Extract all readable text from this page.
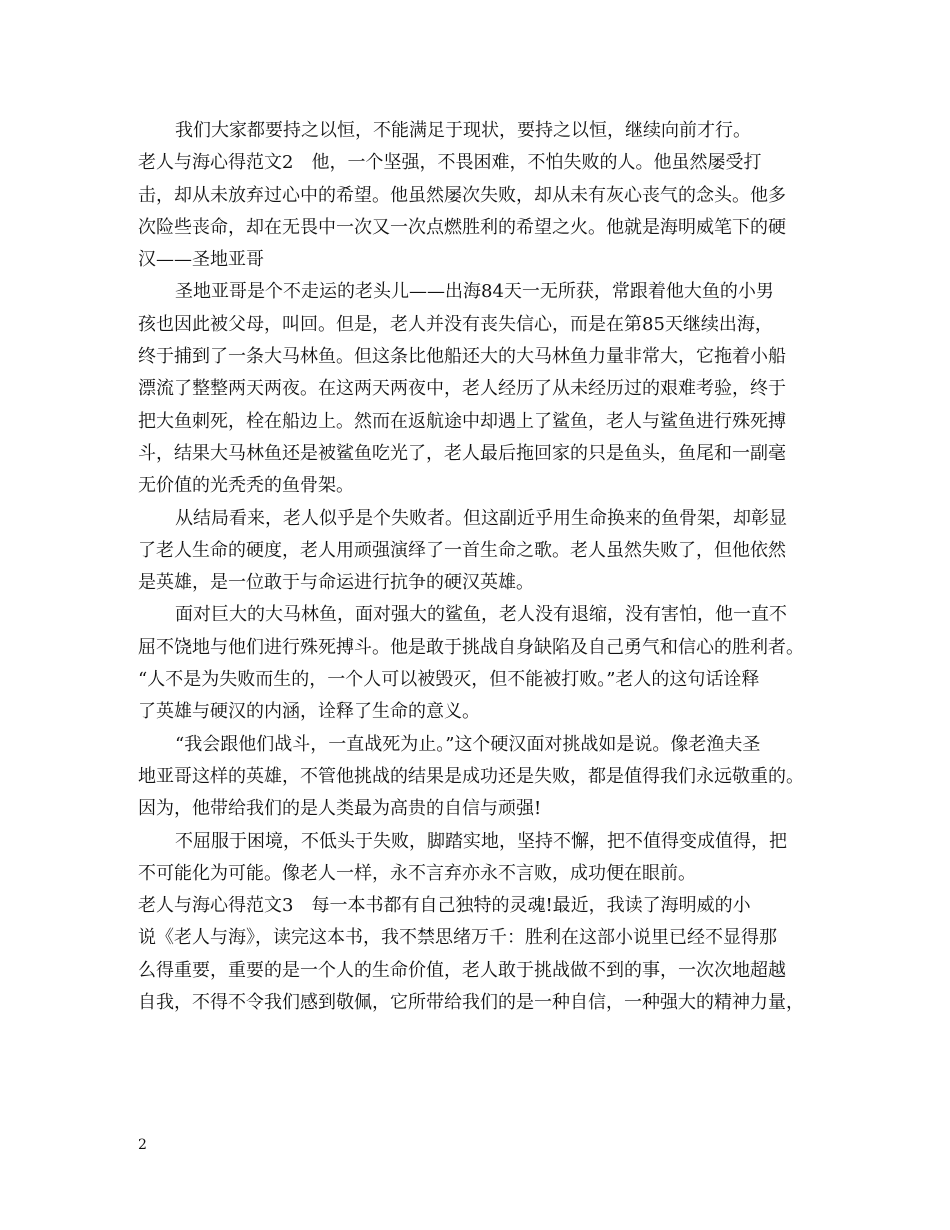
我们大家都要持之以恒，不能满足于现状，要持之以恒，继续向前才行。
老人与海心得范文2 他，一个坚强，不畏困难，不怕失败的人。他虽然屡受打
击，却从未放弃过心中的希望。他虽然屡次失败，却从未有灰心丧气的念头。他多
次险些丧命，却在无畏中一次又一次点燃胜利的希望之火。他就是海明威笔下的硬
汉——圣地亚哥
圣地亚哥是个不走运的老头儿——出海84天一无所获，常跟着他大鱼的小男
孩也因此被父母，叫回。但是，老人并没有丧失信心，而是在第85天继续出海，
终于捕到了一条大马林鱼。但这条比他船还大的大马林鱼力量非常大，它拖着小船
漂流了整整两天两夜。在这两天两夜中，老人经历了从未经历过的艰难考验，终于
把大鱼刺死，栓在船边上。然而在返航途中却遇上了鲨鱼，老人与鲨鱼进行殊死搏
斗，结果大马林鱼还是被鲨鱼吃光了，老人最后拖回家的只是鱼头，鱼尾和一副毫
无价值的光秃秃的鱼骨架。
从结局看来，老人似乎是个失败者。但这副近乎用生命换来的鱼骨架，却彰显
了老人生命的硬度，老人用顽强演绎了一首生命之歌。老人虽然失败了，但他依然
是英雄，是一位敢于与命运进行抗争的硬汉英雄。
面对巨大的大马林鱼，面对强大的鲨鱼，老人没有退缩，没有害怕，他一直不
屈不饶地与他们进行殊死搏斗。他是敢于挑战自身缺陷及自己勇气和信心的胜利者。
“人不是为失败而生的，一个人可以被毁灭，但不能被打败。”老人的这句话诠释
了英雄与硬汉的内涵，诠释了生命的意义。
“我会跟他们战斗，一直战死为止。”这个硬汉面对挑战如是说。像老渔夫圣
地亚哥这样的英雄，不管他挑战的结果是成功还是失败，都是值得我们永远敬重的。
因为，他带给我们的是人类最为高贵的自信与顽强!
不屈服于困境，不低头于失败，脚踏实地，坚持不懈，把不值得变成值得，把
不可能化为可能。像老人一样，永不言弃亦永不言败，成功便在眼前。
老人与海心得范文3 每一本书都有自己独特的灵魂!最近，我读了海明威的小
说《老人与海》，读完这本书，我不禁思绪万千：胜利在这部小说里已经不显得那
么得重要，重要的是一个人的生命价值，老人敢于挑战做不到的事，一次次地超越
自我，不得不令我们感到敬佩，它所带给我们的是一种自信，一种强大的精神力量，
2
